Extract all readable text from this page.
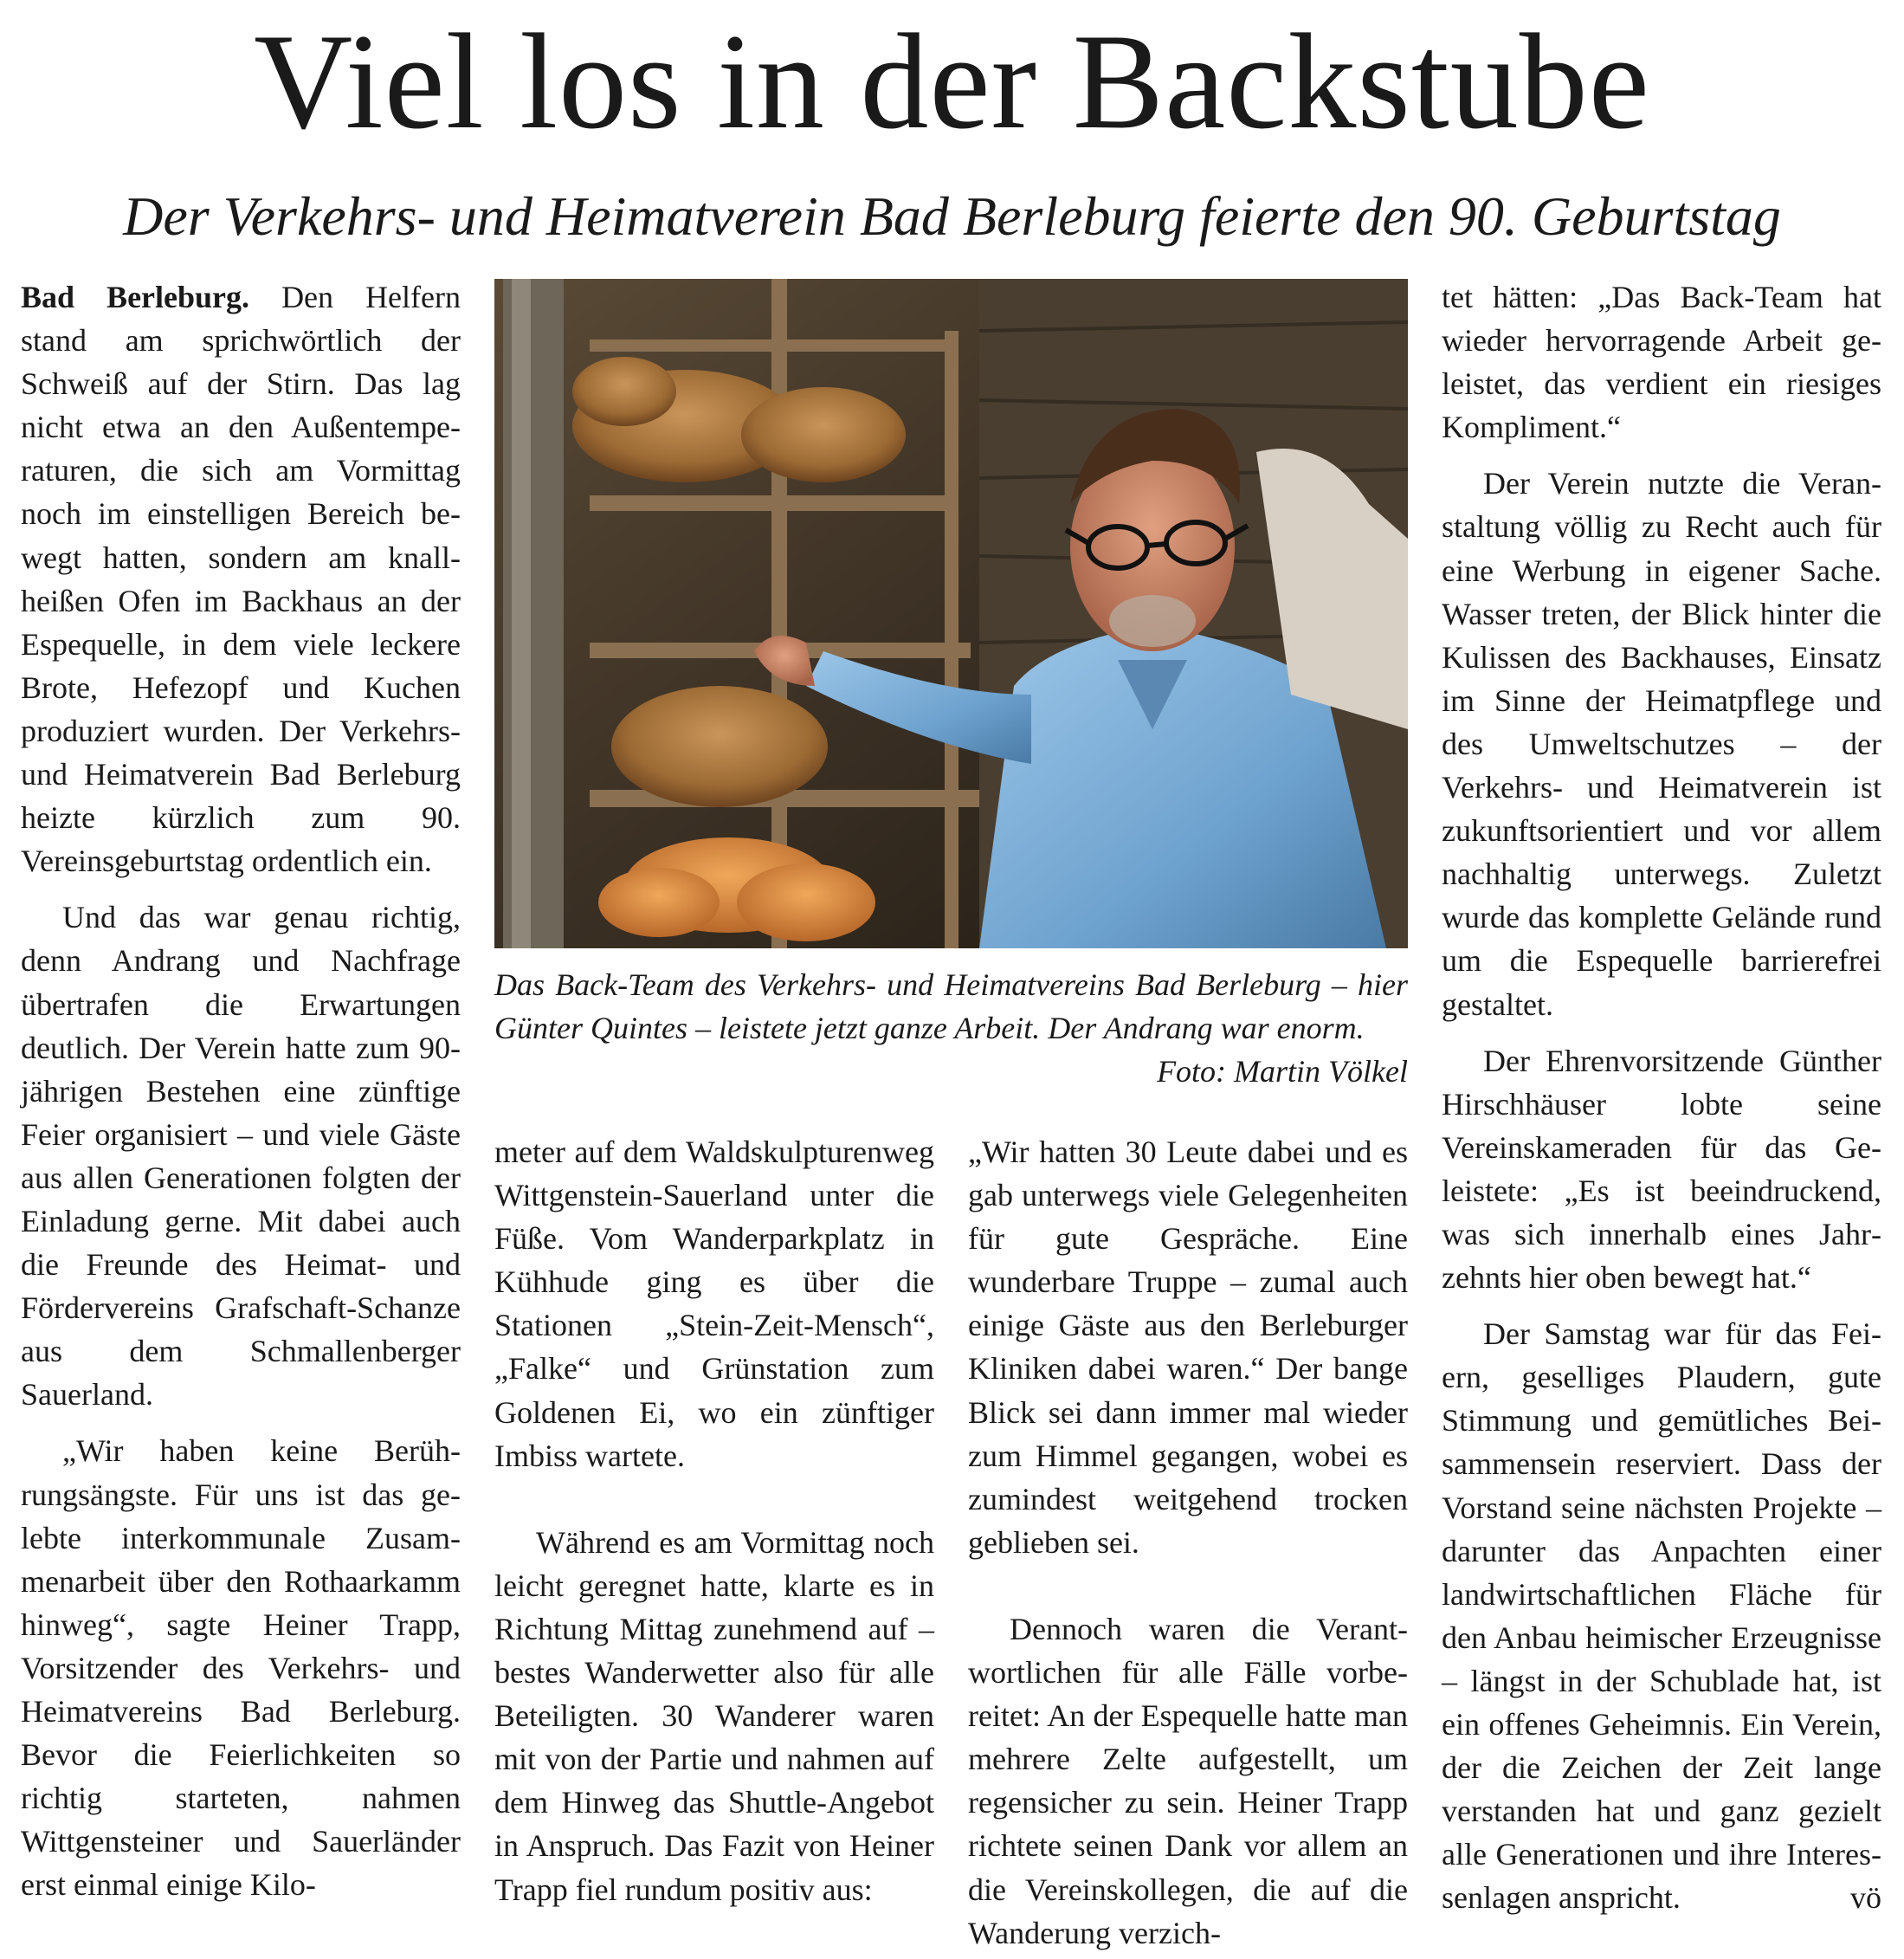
Viel los in der Backstube
Der Verkehrs- und Heimatverein Bad Berleburg feierte den 90. Geburtstag

Bad Berleburg. Den Helfern stand am sprichwörtlich der Schweiß auf der Stirn. Das lag nicht etwa an den Außentemperaturen, die sich am Vormittag noch im einstelligen Bereich bewegt hatten, sondern am knallheißen Ofen im Backhaus an der Espequelle, in dem viele leckere Brote, Hefezopf und Kuchen produziert wurden. Der Verkehrs- und Heimatverein Bad Berleburg heizte kürzlich zum 90. Vereinsgeburtstag ordentlich ein.

Und das war genau richtig, denn Andrang und Nachfrage übertrafen die Erwartungen deutlich. Der Verein hatte zum 90-jährigen Bestehen eine zünftige Feier organisiert – und viele Gäste aus allen Generationen folgten der Einladung gerne. Mit dabei auch die Freunde des Heimat- und Fördervereins Grafschaft-Schanze aus dem Schmallenberger Sauerland.

„Wir haben keine Berührungsängste. Für uns ist das gelebte interkommunale Zusammenarbeit über den Rothaarkamm hinweg“, sagte Heiner Trapp, Vorsitzender des Verkehrs- und Heimatvereins Bad Berleburg. Bevor die Feierlichkeiten so richtig starteten, nahmen Wittgensteiner und Sauerländer erst einmal einige Kilo-

Das Back-Team des Verkehrs- und Heimatvereins Bad Berleburg – hier Günter Quintes – leistete jetzt ganze Arbeit. Der Andrang war enorm.
Foto: Martin Völkel

meter auf dem Waldskulpturenweg Wittgenstein-Sauerland unter die Füße. Vom Wanderparkplatz in Kühhude ging es über die Stationen „Stein-Zeit-Mensch“, „Falke“ und Grünstation zum Goldenen Ei, wo ein zünftiger Imbiss wartete.

Während es am Vormittag noch leicht geregnet hatte, klarte es in Richtung Mittag zunehmend auf – bestes Wanderwetter also für alle Beteiligten. 30 Wanderer waren mit von der Partie und nahmen auf dem Hinweg das Shuttle-Angebot in Anspruch. Das Fazit von Heiner Trapp fiel rundum positiv aus:

„Wir hatten 30 Leute dabei und es gab unterwegs viele Gelegenheiten für gute Gespräche. Eine wunderbare Truppe – zumal auch einige Gäste aus den Berleburger Kliniken dabei waren.“ Der bange Blick sei dann immer mal wieder zum Himmel gegangen, wobei es zumindest weitgehend trocken geblieben sei.

Dennoch waren die Verantwortlichen für alle Fälle vorbereitet: An der Espequelle hatte man mehrere Zelte aufgestellt, um regensicher zu sein. Heiner Trapp richtete seinen Dank vor allem an die Vereinskollegen, die auf die Wanderung verzich-

tet hätten: „Das Back-Team hat wieder hervorragende Arbeit geleistet, das verdient ein riesiges Kompliment.“

Der Verein nutzte die Veranstaltung völlig zu Recht auch für eine Werbung in eigener Sache. Wasser treten, der Blick hinter die Kulissen des Backhauses, Einsatz im Sinne der Heimatpflege und des Umweltschutzes – der Verkehrs- und Heimatverein ist zukunftsorientiert und vor allem nachhaltig unterwegs. Zuletzt wurde das komplette Gelände rund um die Espequelle barrierefrei gestaltet.

Der Ehrenvorsitzende Günther Hirschhäuser lobte seine Vereinskameraden für das Geleistete: „Es ist beeindruckend, was sich innerhalb eines Jahrzehnts hier oben bewegt hat.“

Der Samstag war für das Feiern, geselliges Plaudern, gute Stimmung und gemütliches Beisammensein reserviert. Dass der Vorstand seine nächsten Projekte – darunter das Anpachten einer landwirtschaftlichen Fläche für den Anbau heimischer Erzeugnisse – längst in der Schublade hat, ist ein offenes Geheimnis. Ein Verein, der die Zeichen der Zeit lange verstanden hat und ganz gezielt alle Generationen und ihre Interessenlagen anspricht.	vö
